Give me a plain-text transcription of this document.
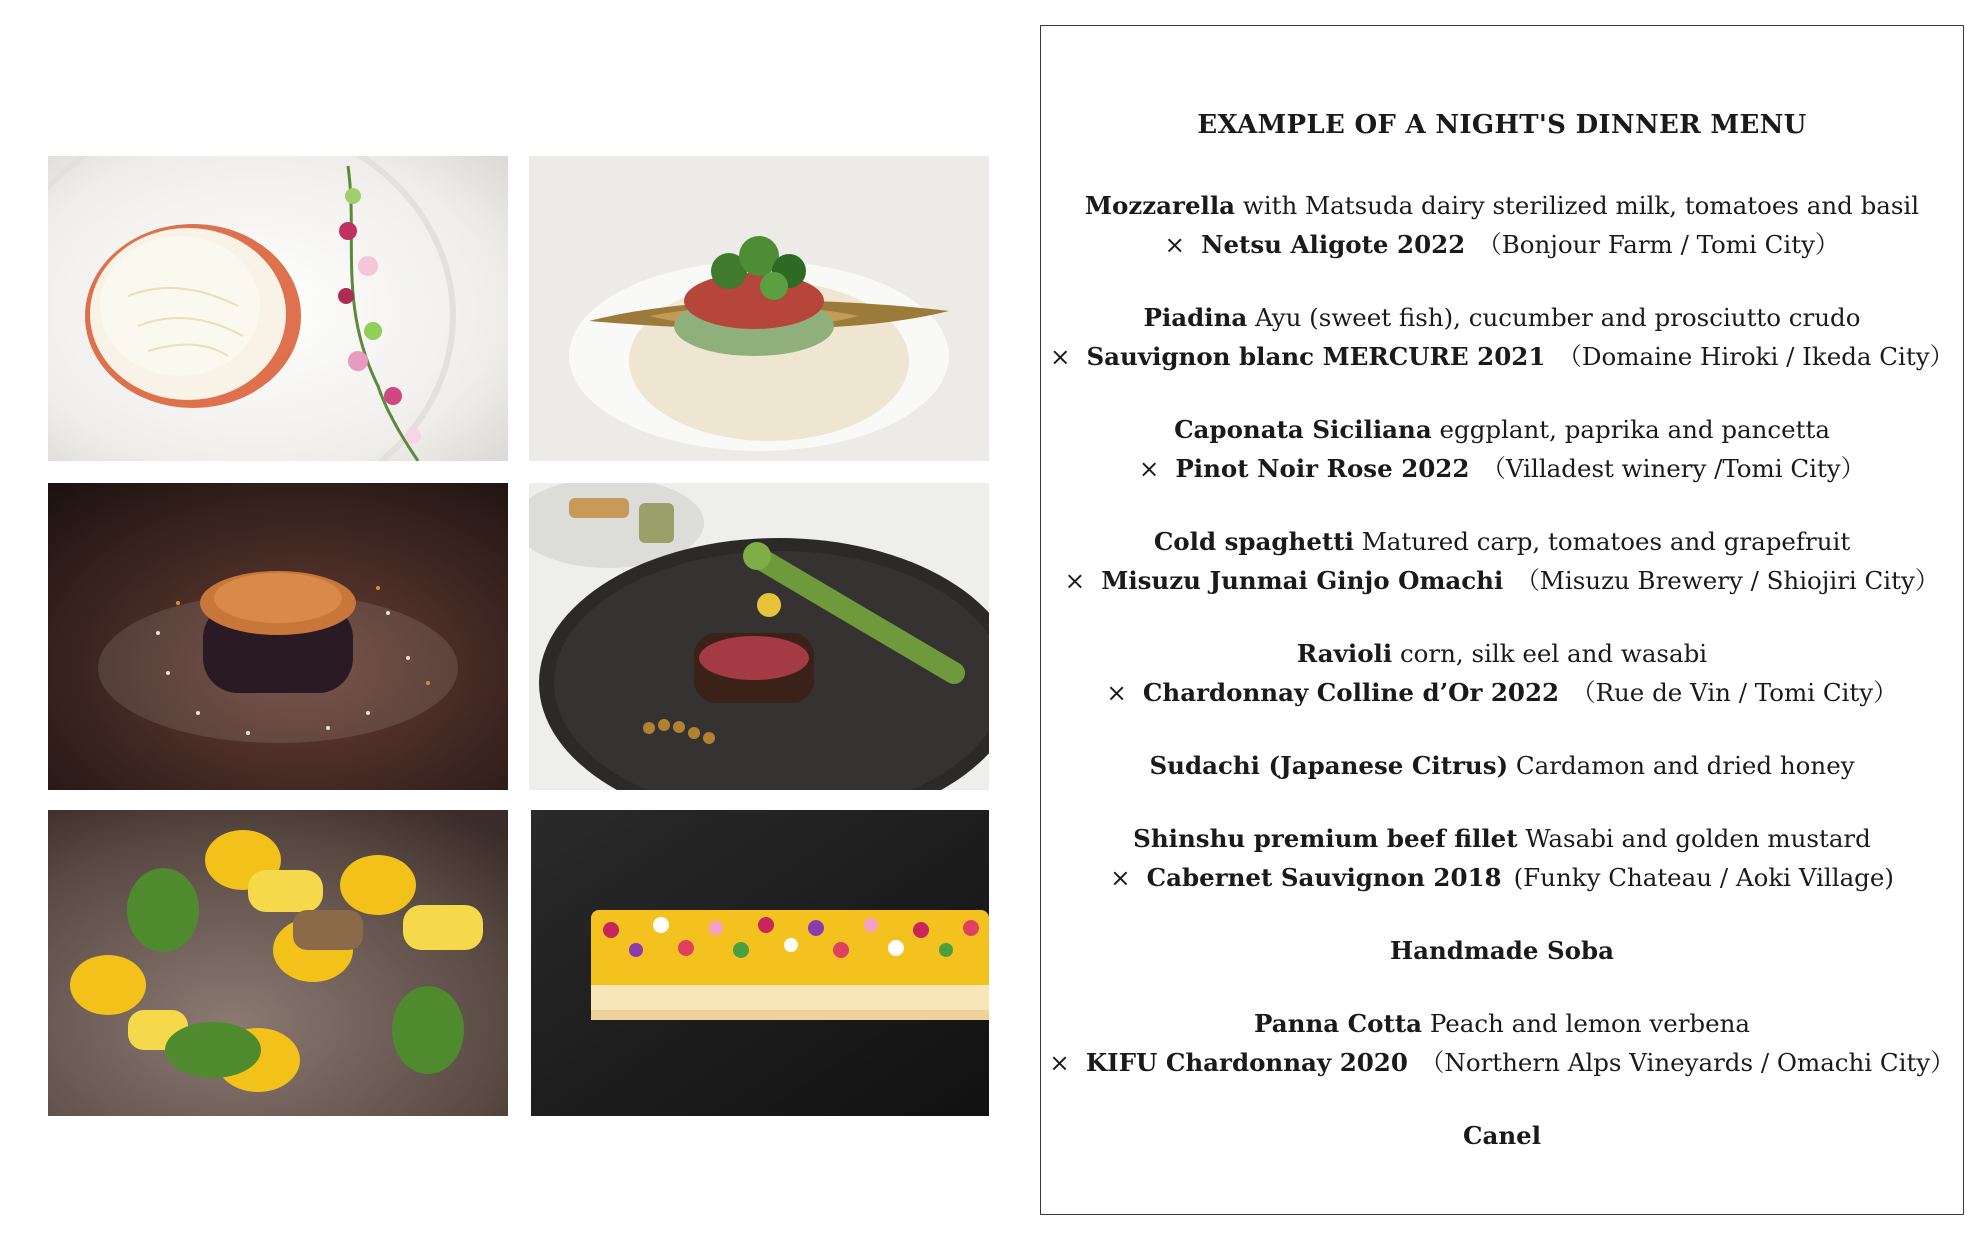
EXAMPLE OF A NIGHT'S DINNER MENU
Mozzarella with Matsuda dairy sterilized milk, tomatoes and basil
× Netsu Aligote 2022 （Bonjour Farm / Tomi City）
Piadina Ayu (sweet fish), cucumber and prosciutto crudo
× Sauvignon blanc MERCURE 2021 （Domaine Hiroki / Ikeda City）
Caponata Siciliana eggplant, paprika and pancetta
× Pinot Noir Rose 2022 （Villadest winery /Tomi City）
Cold spaghetti Matured carp, tomatoes and grapefruit
× Misuzu Junmai Ginjo Omachi （Misuzu Brewery / Shiojiri City）
Ravioli corn, silk eel and wasabi
× Chardonnay Colline d’Or 2022 （Rue de Vin / Tomi City）
Sudachi (Japanese Citrus) Cardamon and dried honey
Shinshu premium beef fillet Wasabi and golden mustard
× Cabernet Sauvignon 2018 (Funky Chateau / Aoki Village)
Handmade Soba
Panna Cotta Peach and lemon verbena
× KIFU Chardonnay 2020 （Northern Alps Vineyards / Omachi City）
Canel
